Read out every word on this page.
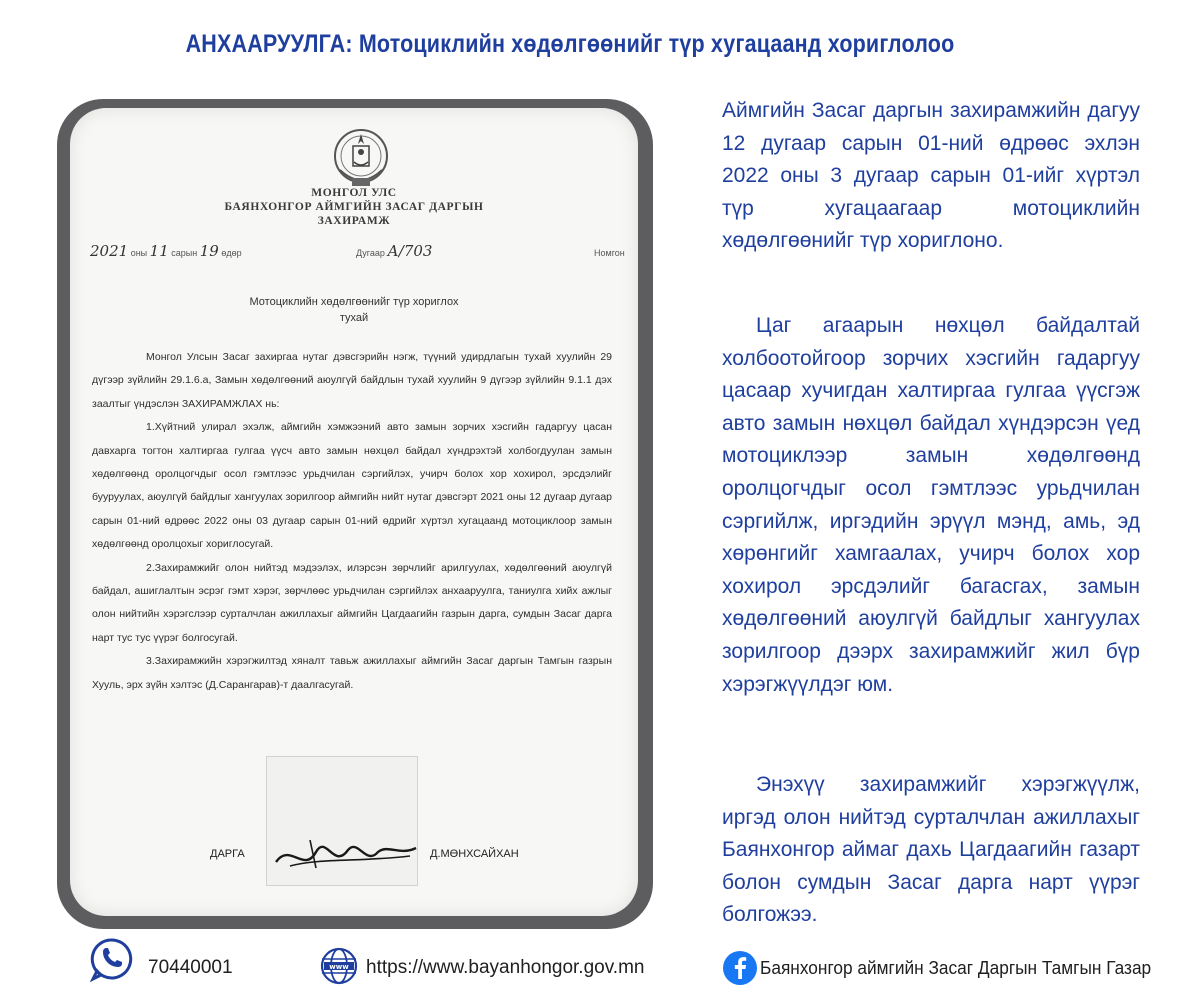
АНХААРУУЛГА: Мотоциклийн хөдөлгөөнийг түр хугацаанд хориглолоо
МОНГОЛ УЛС
БАЯНХОНГОР АЙМГИЙН ЗАСАГ ДАРГЫН
ЗАХИРАМЖ
2021 оны 11 сарын 19 өдөр	Дугаар А/703	Номгон
Мотоциклийн хөдөлгөөнийг түр хориглох
тухай

Монгол Улсын Засаг захиргаа нутаг дэвсгэрийн нэгж, түүний удирдлагын тухай хуулийн 29 дүгээр зүйлийн 29.1.6.а, Замын хөдөлгөөний аюулгүй байдлын тухай хуулийн 9 дүгээр зүйлийн 9.1.1 дэх заалтыг үндэслэн ЗАХИРАМЖЛАХ нь:

1.Хүйтний улирал эхэлж, аймгийн хэмжээний авто замын зорчих хэсгийн гадаргуу цасан давхарга тогтон халтиргаа гулгаа үүсч авто замын нөхцөл байдал хүндрэхтэй холбогдуулан замын хөдөлгөөнд оролцогчдыг осол гэмтлээс урьдчилан сэргийлэх, учирч болох хор хохирол, эрсдэлийг бууруулах, аюулгүй байдлыг хангуулах зорилгоор аймгийн нийт нутаг дэвсгэрт 2021 оны 12 дугаар дугаар сарын 01-ний өдрөөс 2022 оны 03 дугаар сарын 01-ний өдрийг хүртэл хугацаанд мотоциклоор замын хөдөлгөөнд оролцохыг хориглосугай.

2.Захирамжийг олон нийтэд мэдээлэх, илэрсэн зөрчлийг арилгуулах, хөдөлгөөний аюулгүй байдал, ашиглалтын эсрэг гэмт хэрэг, зөрчлөөс урьдчилан сэргийлэх анхааруулга, таниулга хийх ажлыг олон нийтийн хэрэгслээр сурталчлан ажиллахыг аймгийн Цагдаагийн газрын дарга, сумдын Засаг дарга нарт тус тус үүрэг болгосугай.

3.Захирамжийн хэрэгжилтэд хяналт тавьж ажиллахыг аймгийн Засаг даргын Тамгын газрын Хууль, эрх зүйн хэлтэс (Д.Сарангарав)-т даалгасугай.

ДАРГА	Д.МӨНХСАЙХАН

Аймгийн Засаг даргын захирамжийн дагуу 12 дугаар сарын 01-ний өдрөөс эхлэн 2022 оны 3 дугаар сарын 01-ийг хүртэл түр хугацаагаар мотоциклийн хөдөлгөөнийг түр хориглоно.

Цаг агаарын нөхцөл байдалтай холбоотойгоор зорчих хэсгийн гадаргуу цасаар хучигдан халтиргаа гулгаа үүсгэж авто замын нөхцөл байдал хүндэрсэн үед мотоциклээр замын хөдөлгөөнд оролцогчдыг осол гэмтлээс урьдчилан сэргийлж, иргэдийн эрүүл мэнд, амь, эд хөрөнгийг хамгаалах, учирч болох хор хохирол эрсдэлийг багасгах, замын хөдөлгөөний аюулгүй байдлыг хангуулах зорилгоор дээрх захирамжийг жил бүр хэрэгжүүлдэг юм.

Энэхүү захирамжийг хэрэгжүүлж, иргэд олон нийтэд сурталчлан ажиллахыг Баянхонгор аймаг дахь Цагдаагийн газарт болон сумдын Засаг дарга нарт үүрэг болгожээ.

70440001	www https://www.bayanhongor.gov.mn	Баянхонгор аймгийн Засаг Даргын Тамгын Газар
